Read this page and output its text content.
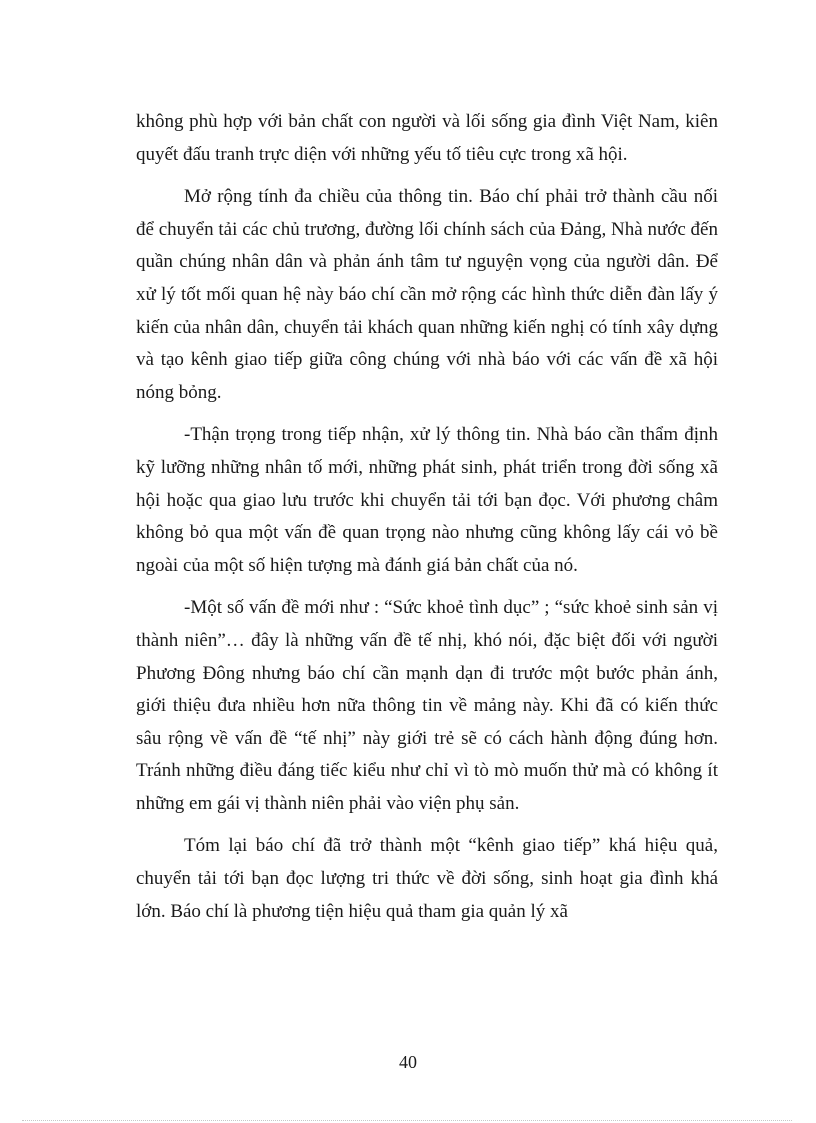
không phù hợp với bản chất con người và lối sống gia đình Việt Nam, kiên quyết đấu tranh trực diện với những yếu tố tiêu cực trong xã hội.

Mở rộng tính đa chiều của thông tin. Báo chí phải trở thành cầu nối để chuyển tải các chủ trương, đường lối chính sách của Đảng, Nhà nước đến quần chúng nhân dân và phản ánh tâm tư nguyện vọng của người dân. Để xử lý tốt mối quan hệ này báo chí cần mở rộng các hình thức diễn đàn lấy ý kiến của nhân dân, chuyển tải khách quan những kiến nghị có tính xây dựng và tạo kênh giao tiếp giữa công chúng với nhà báo với các vấn đề xã hội nóng bỏng.

-Thận trọng trong tiếp nhận, xử lý thông tin. Nhà báo cần thẩm định kỹ lưỡng những nhân tố mới, những phát sinh, phát triển trong đời sống xã hội hoặc qua giao lưu trước khi chuyển tải tới bạn đọc. Với phương châm không bỏ qua một vấn đề quan trọng nào nhưng cũng không lấy cái vỏ bề ngoài của một số hiện tượng mà đánh giá bản chất của nó.

-Một số vấn đề mới như : “Sức khoẻ tình dục” ; “sức khoẻ sinh sản vị thành niên”… đây là những vấn đề tế nhị, khó nói, đặc biệt đối với người Phương Đông nhưng báo chí cần mạnh dạn đi trước một bước phản ánh, giới thiệu đưa nhiều hơn nữa thông tin về mảng này. Khi đã có kiến thức sâu rộng về vấn đề “tế nhị” này giới trẻ sẽ có cách hành động đúng hơn. Tránh những điều đáng tiếc kiểu như chỉ vì tò mò muốn thử mà có không ít những em gái vị thành niên phải vào viện phụ sản.

Tóm lại báo chí đã trở thành một “kênh giao tiếp” khá hiệu quả, chuyển tải tới bạn đọc lượng tri thức về đời sống, sinh hoạt gia đình khá lớn. Báo chí là phương tiện hiệu quả tham gia quản lý xã

40
